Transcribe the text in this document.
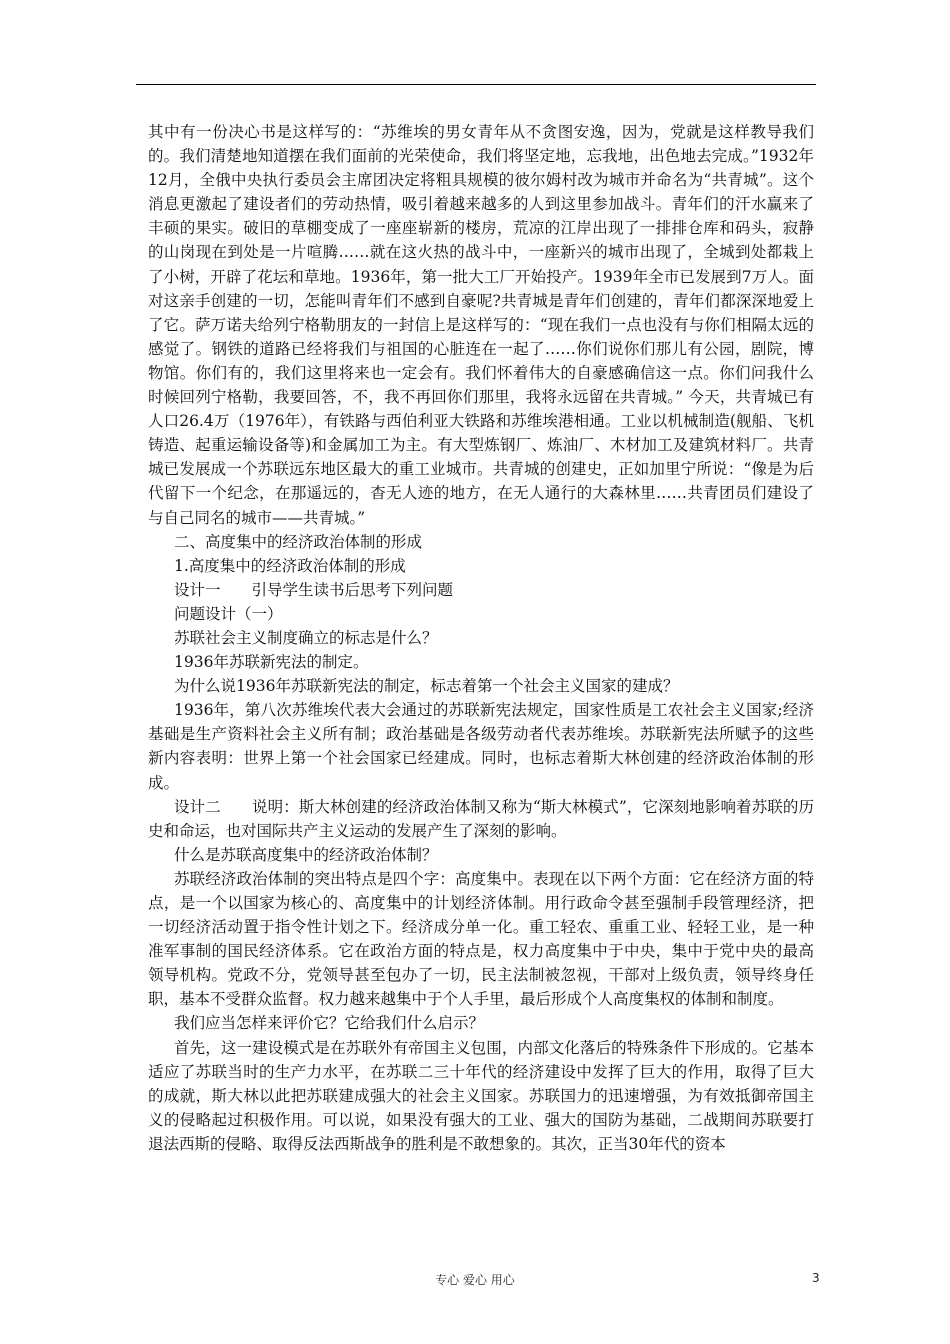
其中有一份决心书是这样写的：“苏维埃的男女青年从不贪图安逸，因为，党就是这样教导我们的。我们清楚地知道摆在我们面前的光荣使命，我们将坚定地，忘我地，出色地去完成。”1932年12月，全俄中央执行委员会主席团决定将粗具规模的彼尔姆村改为城市并命名为“共青城”。这个消息更激起了建设者们的劳动热情，吸引着越来越多的人到这里参加战斗。青年们的汗水赢来了丰硕的果实。破旧的草棚变成了一座座崭新的楼房，荒凉的江岸出现了一排排仓库和码头，寂静的山岗现在到处是一片喧腾……就在这火热的战斗中，一座新兴的城市出现了，全城到处都栽上了小树，开辟了花坛和草地。1936年，第一批大工厂开始投产。1939年全市已发展到7万人。面对这亲手创建的一切，怎能叫青年们不感到自豪呢?共青城是青年们创建的，青年们都深深地爱上了它。萨万诺夫给列宁格勒朋友的一封信上是这样写的：“现在我们一点也没有与你们相隔太远的感觉了。钢铁的道路已经将我们与祖国的心脏连在一起了……你们说你们那儿有公园，剧院，博物馆。你们有的，我们这里将来也一定会有。我们怀着伟大的自豪感确信这一点。你们问我什么时候回列宁格勒，我要回答，不，我不再回你们那里，我将永远留在共青城。” 今天，共青城已有人口26.4万（1976年），有铁路与西伯利亚大铁路和苏维埃港相通。工业以机械制造(舰船、飞机铸造、起重运输设备等)和金属加工为主。有大型炼钢厂、炼油厂、木材加工及建筑材料厂。共青城已发展成一个苏联远东地区最大的重工业城市。共青城的创建史，正如加里宁所说：“像是为后代留下一个纪念，在那遥远的，杳无人迹的地方，在无人通行的大森林里……共青团员们建设了与自己同名的城市——共青城。”

二、高度集中的经济政治体制的形成

1.高度集中的经济政治体制的形成

设计一　　引导学生读书后思考下列问题

问题设计（一）

苏联社会主义制度确立的标志是什么？

1936年苏联新宪法的制定。

为什么说1936年苏联新宪法的制定，标志着第一个社会主义国家的建成？

1936年，第八次苏维埃代表大会通过的苏联新宪法规定，国家性质是工农社会主义国家;经济基础是生产资料社会主义所有制；政治基础是各级劳动者代表苏维埃。苏联新宪法所赋予的这些新内容表明：世界上第一个社会国家已经建成。同时，也标志着斯大林创建的经济政治体制的形成。

设计二　　说明：斯大林创建的经济政治体制又称为“斯大林模式”，它深刻地影响着苏联的历史和命运，也对国际共产主义运动的发展产生了深刻的影响。

什么是苏联高度集中的经济政治体制？

苏联经济政治体制的突出特点是四个字：高度集中。表现在以下两个方面：它在经济方面的特点，是一个以国家为核心的、高度集中的计划经济体制。用行政命令甚至强制手段管理经济，把一切经济活动置于指令性计划之下。经济成分单一化。重工轻农、重重工业、轻轻工业，是一种准军事制的国民经济体系。它在政治方面的特点是，权力高度集中于中央，集中于党中央的最高领导机构。党政不分，党领导甚至包办了一切，民主法制被忽视，干部对上级负责，领导终身任职，基本不受群众监督。权力越来越集中于个人手里，最后形成个人高度集权的体制和制度。

我们应当怎样来评价它？它给我们什么启示？

首先，这一建设模式是在苏联外有帝国主义包围，内部文化落后的特殊条件下形成的。它基本适应了苏联当时的生产力水平，在苏联二三十年代的经济建设中发挥了巨大的作用，取得了巨大的成就，斯大林以此把苏联建成强大的社会主义国家。苏联国力的迅速增强，为有效抵御帝国主义的侵略起过积极作用。可以说，如果没有强大的工业、强大的国防为基础，二战期间苏联要打退法西斯的侵略、取得反法西斯战争的胜利是不敢想象的。其次，正当30年代的资本

专心 爱心 用心	3
